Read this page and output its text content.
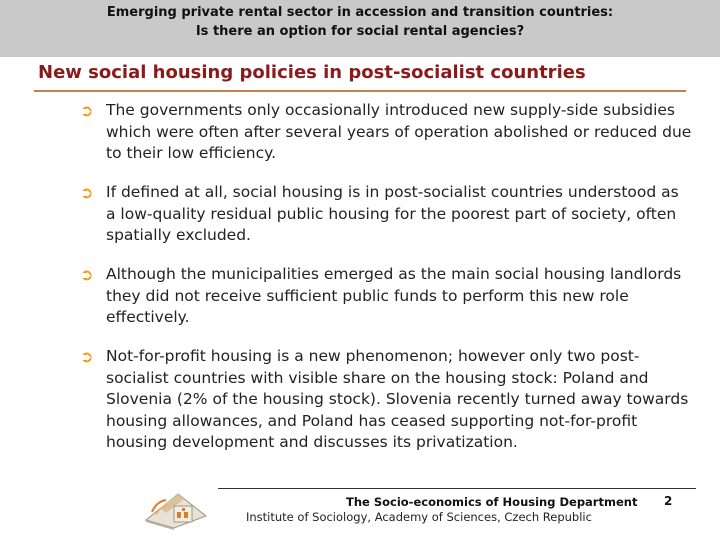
Emerging private rental sector in accession and transition countries:
Is there an option for social rental agencies?
New social housing policies in post-socialist countries
➲ The governments only occasionally introduced new supply-side subsidies which were often after several years of operation abolished or reduced due to their low efficiency.
➲ If defined at all, social housing is in post-socialist countries understood as a low-quality residual public housing for the poorest part of society, often spatially excluded.
➲ Although the municipalities emerged as the main social housing landlords they did not receive sufficient public funds to perform this new role effectively.
➲ Not-for-profit housing is a new phenomenon; however only two post-socialist countries with visible share on the housing stock: Poland and Slovenia (2% of the housing stock). Slovenia recently turned away towards housing allowances, and Poland has ceased supporting not-for-profit housing development and discusses its privatization.
The Socio-economics of Housing Department 2
Institute of Sociology, Academy of Sciences, Czech Republic
